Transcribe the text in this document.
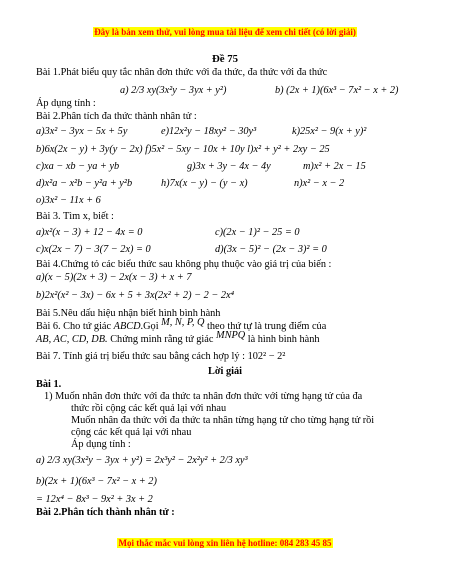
Đây là bản xem thử, vui lòng mua tài liệu để xem chi tiết (có lời giải)
Đề 75
Bài 1.Phát biểu quy tắc nhân đơn thức với đa thức, đa thức với đa thức
a) 2/3 xy(3x²y − 3yx + y²)	b) (2x + 1)(6x³ − 7x² − x + 2)
Áp dụng tính :
Bài 2.Phân tích đa thức thành nhân tử :
a)3x² − 3yx − 5x + 5y	e)12x²y − 18xy² − 30y³	k)25x² − 9(x + y)²
b)6x(2x − y) + 3y(y − 2x) f)5x² − 5xy − 10x + 10y l)x² + y² + 2xy − 25
c)xa − xb − ya + yb	g)3x + 3y − 4x − 4y	m)x² + 2x − 15
d)x²a − x²b − y²a + y²b	h)7x(x − y) − (y − x)	n)x² − x − 2
o)3x² − 11x + 6
Bài 3. Tìm x, biết :
a)x²(x − 3) + 12 − 4x = 0	c)(2x − 1)² − 25 = 0
c)x(2x − 7) − 3(7 − 2x) = 0	d)(3x − 5)² − (2x − 3)² = 0
Bài 4.Chứng tỏ các biểu thức sau không phụ thuộc vào giá trị của biến :
a)(x − 5)(2x + 3) − 2x(x − 3) + x + 7
b)2x²(x² − 3x) − 6x + 5 + 3x(2x² + 2) − 2 − 2x⁴
Bài 5.Nêu dấu hiệu nhận biết hình bình hành
Bài 6. Cho tứ giác ABCD.Gọi M, N, P, Q theo thứ tự là trung điểm của
AB, AC, CD, DB. Chứng minh rằng tứ giác MNPQ là hình bình hành
Bài 7. Tính giá trị biểu thức sau bằng cách hợp lý : 102² − 2²
Lời giải
Bài 1.
1) Muốn nhân đơn thức với đa thức ta nhân đơn thức với từng hạng tử của đa
thức rồi cộng các kết quả lại với nhau
Muốn nhân đa thức với đa thức ta nhân từng hạng tử cho từng hạng tử rồi
cộng các kết quả lại với nhau
Áp dụng tính :
a) 2/3 xy(3x²y − 3yx + y²) = 2x³y² − 2x²y² + 2/3 xy³
b)(2x + 1)(6x³ − 7x² − x + 2)
= 12x⁴ − 8x³ − 9x² + 3x + 2
Bài 2.Phân tích thành nhân tử :
Mọi thắc mắc vui lòng xin liên hệ hotline: 084 283 45 85
